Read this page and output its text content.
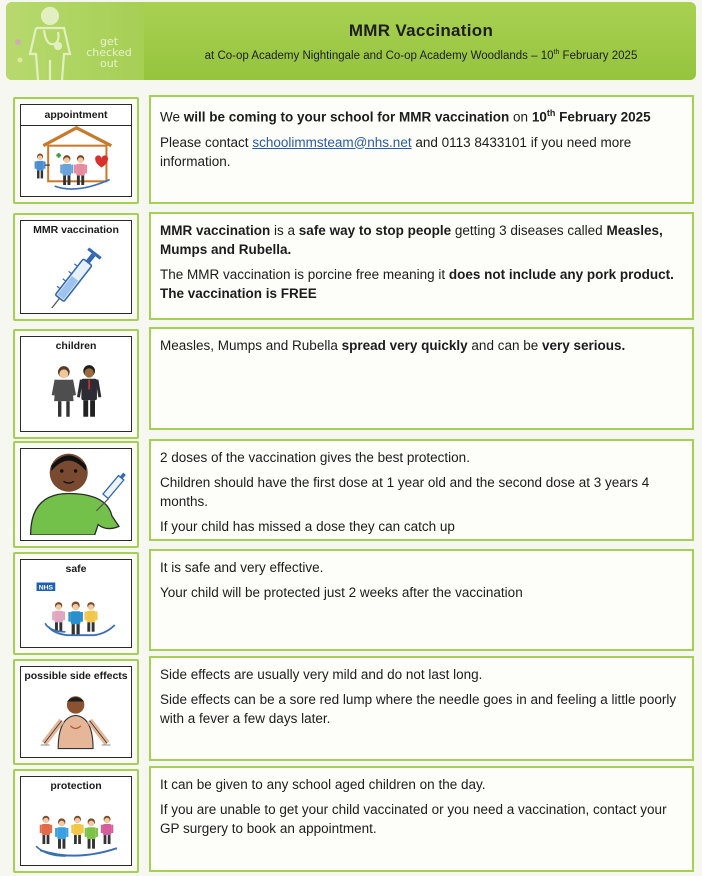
get checked out
MMR Vaccination
at Co-op Academy Nightingale and Co-op Academy Woodlands – 10th February 2025
appointment	We will be coming to your school for MMR vaccination on 10th February 2025

Please contact schoolimmsteam@nhs.net and 0113 8433101 if you need more information.

MMR vaccination	MMR vaccination is a safe way to stop people getting 3 diseases called Measles, Mumps and Rubella.

The MMR vaccination is porcine free meaning it does not include any pork product. The vaccination is FREE

children	Measles, Mumps and Rubella spread very quickly and can be very serious.

2 doses of the vaccination gives the best protection.

Children should have the first dose at 1 year old and the second dose at 3 years 4 months.

If your child has missed a dose they can catch up

safe
NHS

It is safe and very effective.

Your child will be protected just 2 weeks after the vaccination

possible side effects Side effects are usually very mild and do not last long.

Side effects can be a sore red lump where the needle goes in and feeling a little poorly with a fever a few days later.

protection	It can be given to any school aged children on the day.

If you are unable to get your child vaccinated or you need a vaccination, contact your GP surgery to book an appointment.
